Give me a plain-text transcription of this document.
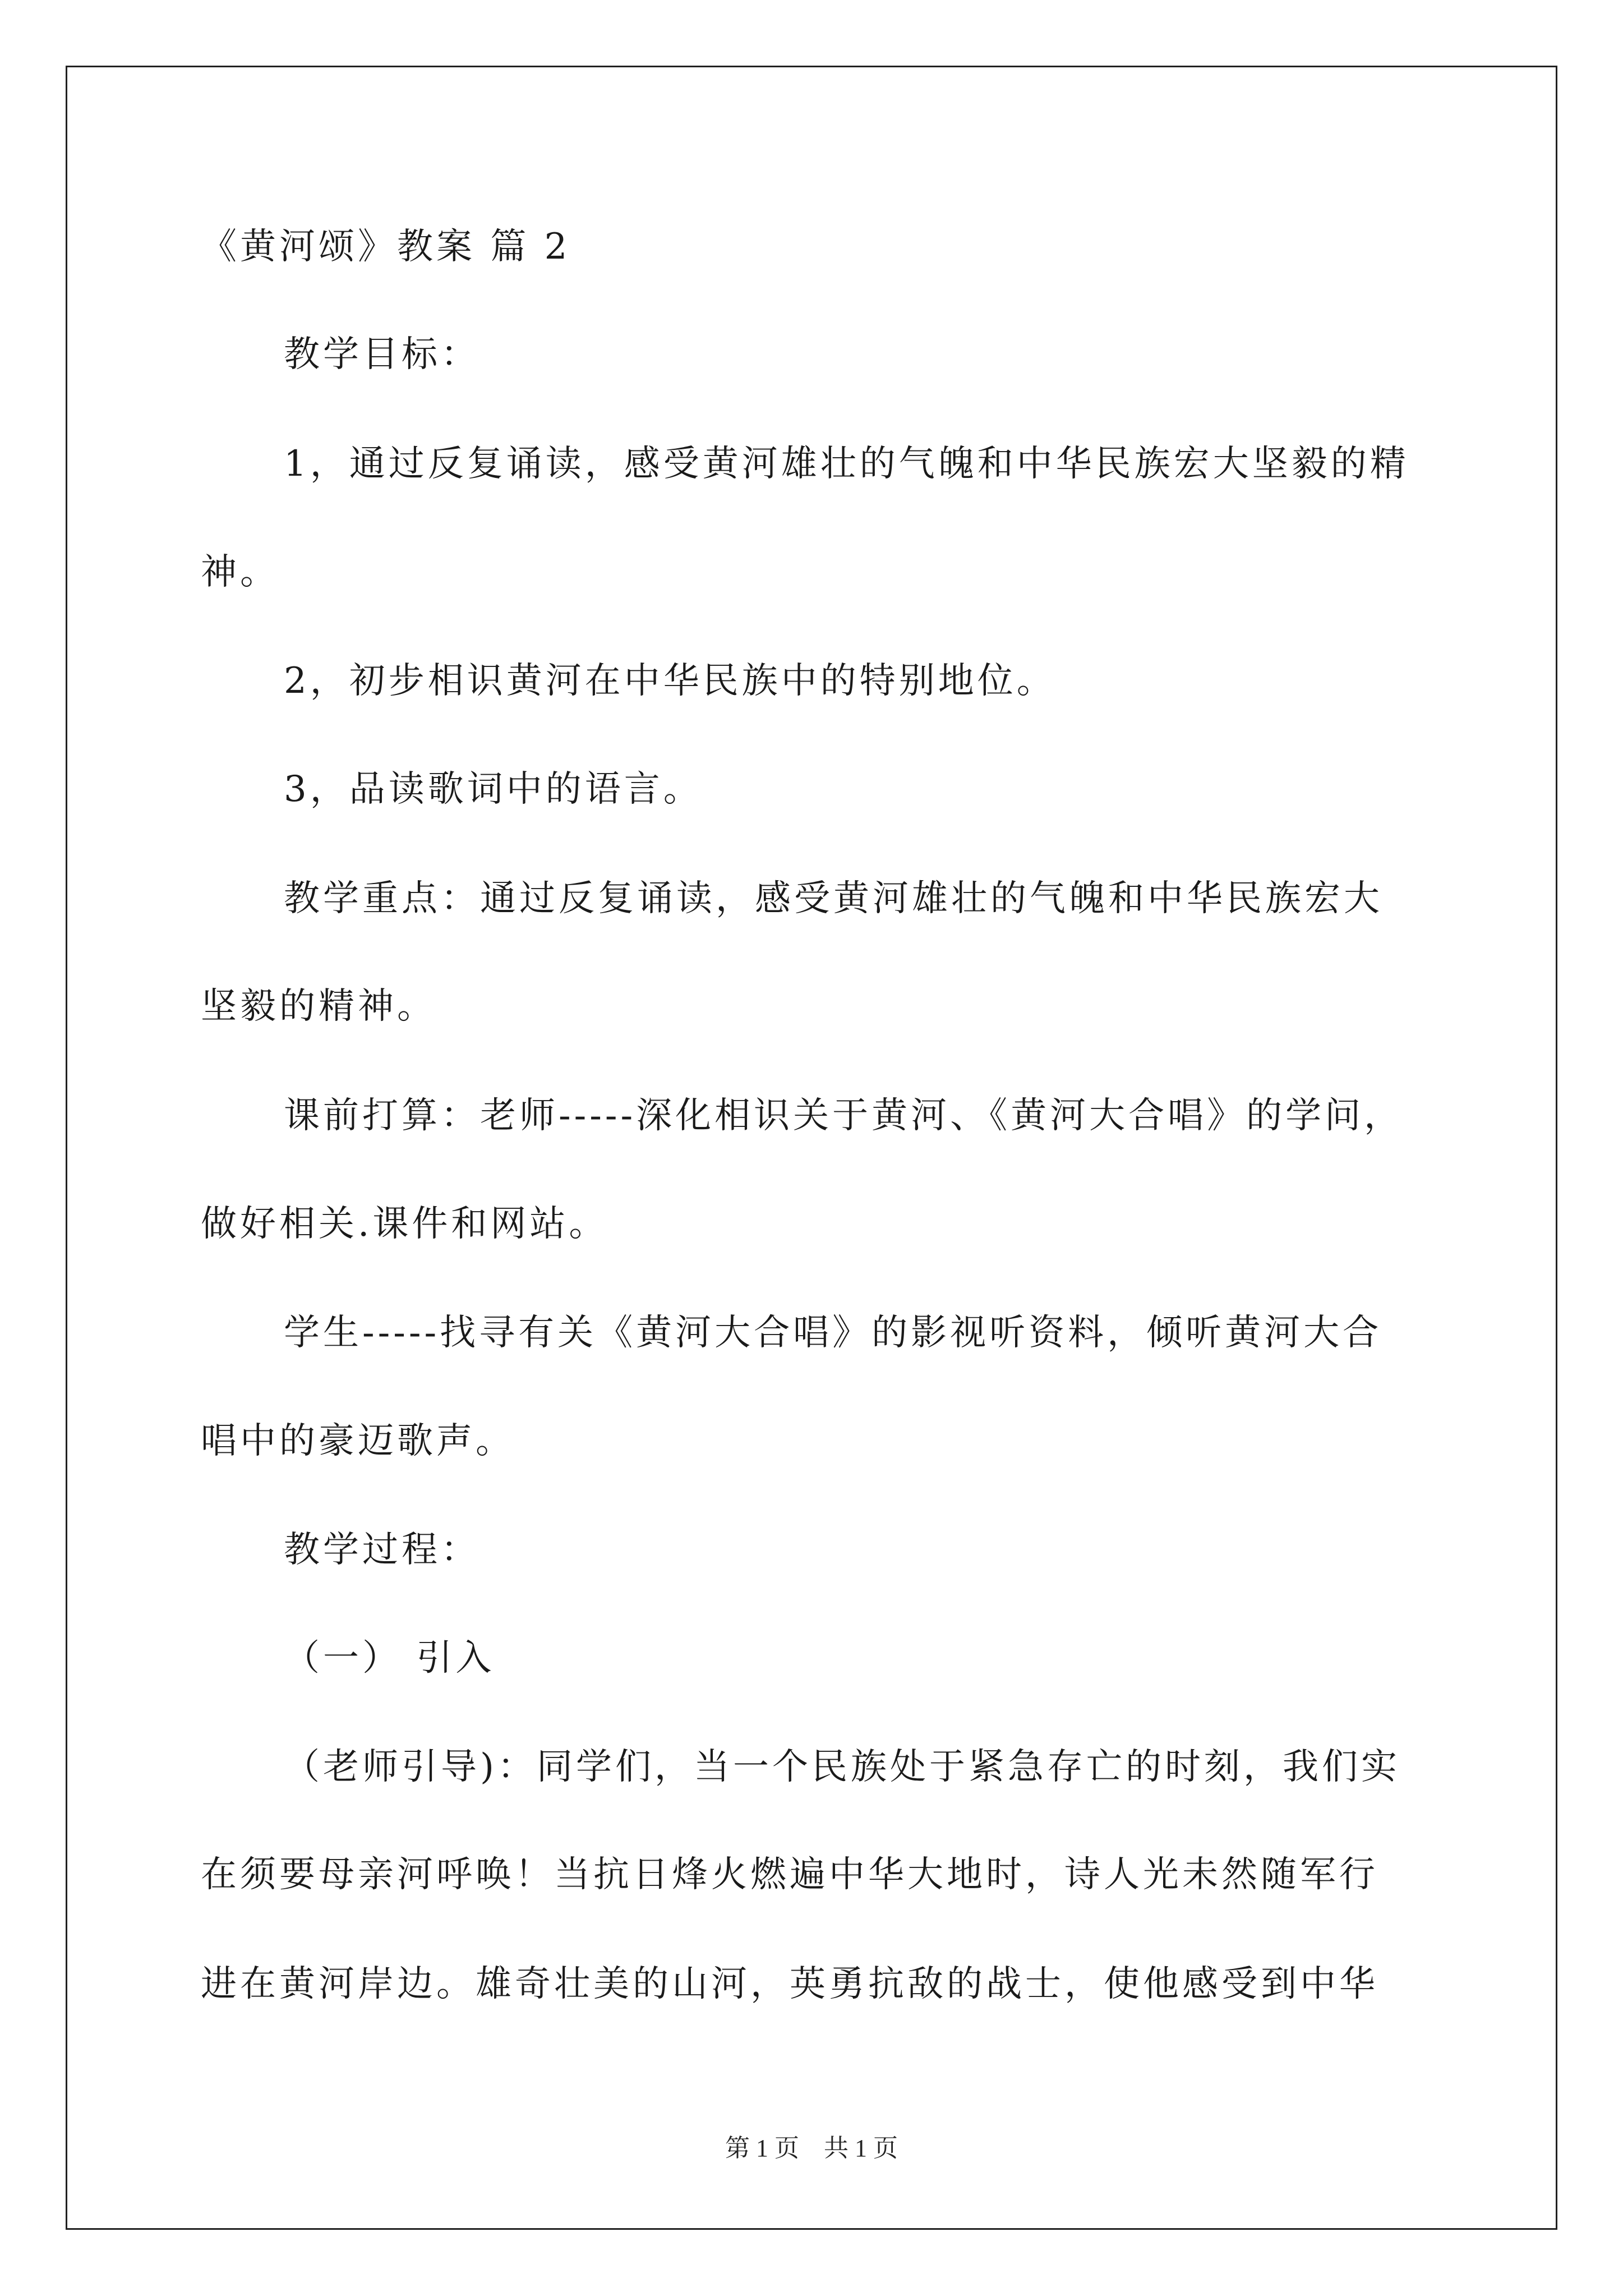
《黄河颂》教案 篇 2
教学目标：
1，通过反复诵读，感受黄河雄壮的气魄和中华民族宏大坚毅的精
神。
2，初步相识黄河在中华民族中的特别地位。
3，品读歌词中的语言。
教学重点：通过反复诵读，感受黄河雄壮的气魄和中华民族宏大
坚毅的精神。
课前打算：老师-----深化相识关于黄河、《黄河大合唱》的学问，
做好相关.课件和网站。
学生-----找寻有关《黄河大合唱》的影视听资料，倾听黄河大合
唱中的豪迈歌声。
教学过程：
（一） 引入
（老师引导)：同学们，当一个民族处于紧急存亡的时刻，我们实
在须要母亲河呼唤！当抗日烽火燃遍中华大地时，诗人光未然随军行
进在黄河岸边。雄奇壮美的山河，英勇抗敌的战士，使他感受到中华
第 1 页    共 1 页
